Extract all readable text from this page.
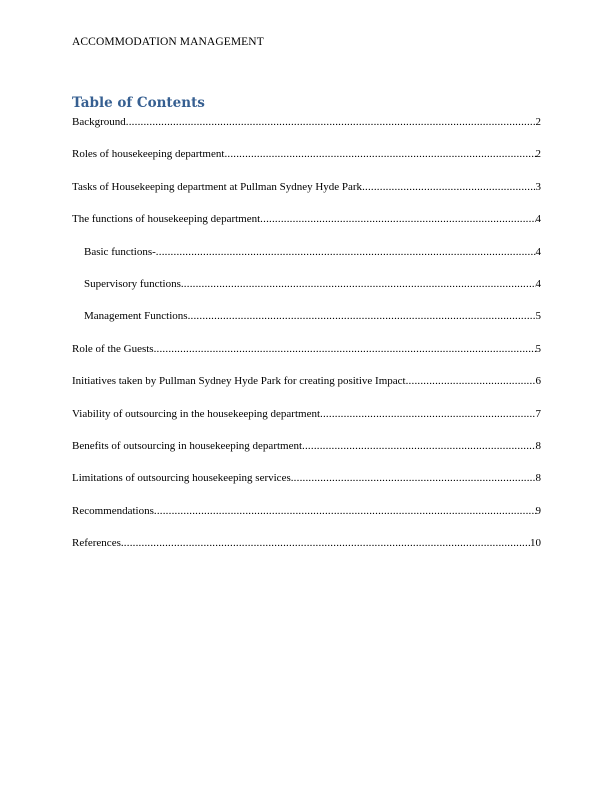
ACCOMMODATION MANAGEMENT
Table of Contents
Background .....	2
Roles of housekeeping department .....	2
Tasks of Housekeeping department at Pullman Sydney Hyde Park .....	3
The functions of housekeeping department .....	4
Basic functions- .....	4
Supervisory functions .....	4
Management Functions .....	5
Role of the Guests .....	5
Initiatives taken by Pullman Sydney Hyde Park for creating positive Impact .....	6
Viability of outsourcing in the housekeeping department .....	7
Benefits of outsourcing in housekeeping department .....	8
Limitations of outsourcing housekeeping services .....	8
Recommendations .....	9
References .....	10
